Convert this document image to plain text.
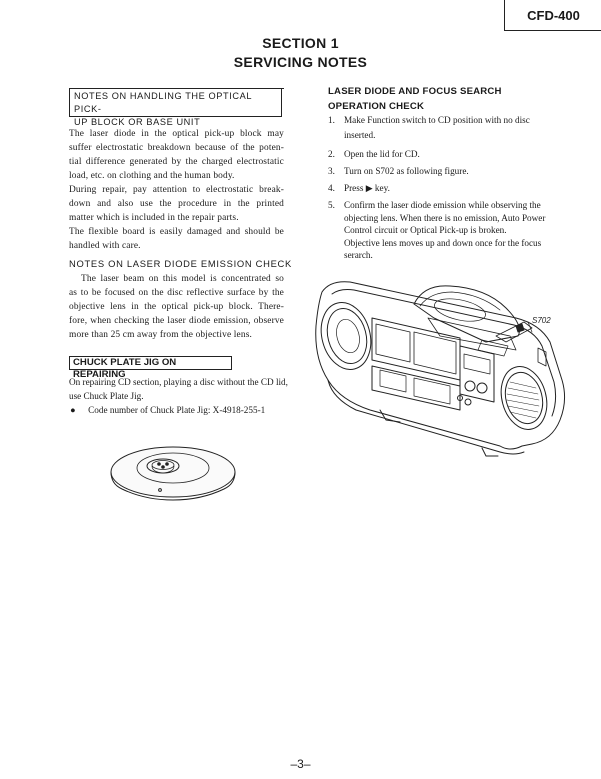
CFD-400
SECTION 1
SERVICING NOTES
NOTES ON HANDLING THE OPTICAL PICK-
UP BLOCK OR BASE UNIT
The laser diode in the optical pick-up block may
suffer electrostatic breakdown because of the poten-
tial difference generated by the charged electrostatic
load, etc. on clothing and the human body.
During repair, pay attention to electrostatic break-
down and also use the procedure in the printed
matter which is included in the repair parts.
The flexible board is easily damaged and should be
handled with care.
NOTES ON LASER DIODE EMISSION CHECK
The laser beam on this model is concentrated so
as to be focused on the disc reflective surface by the
objective lens in the optical pick-up block. There-
fore, when checking the laser diode emission, observe
more than 25 cm away from the objective lens.
CHUCK PLATE JIG ON REPAIRING
On repairing CD section, playing a disc without the CD lid,
use Chuck Plate Jig.
● Code number of Chuck Plate Jig: X-4918-255-1
LASER DIODE AND FOCUS SEARCH
OPERATION CHECK
1. Make Function switch to CD position with no disc
inserted.
2. Open the lid for CD.
3. Turn on S702 as following figure.
4. Press ▶ key.
5. Confirm the laser diode emission while observing the
objecting lens. When there is no emission, Auto Power
Control circuit or Optical Pick-up is broken.
Objective lens moves up and down once for the focus
serarch.
S702
–3–
